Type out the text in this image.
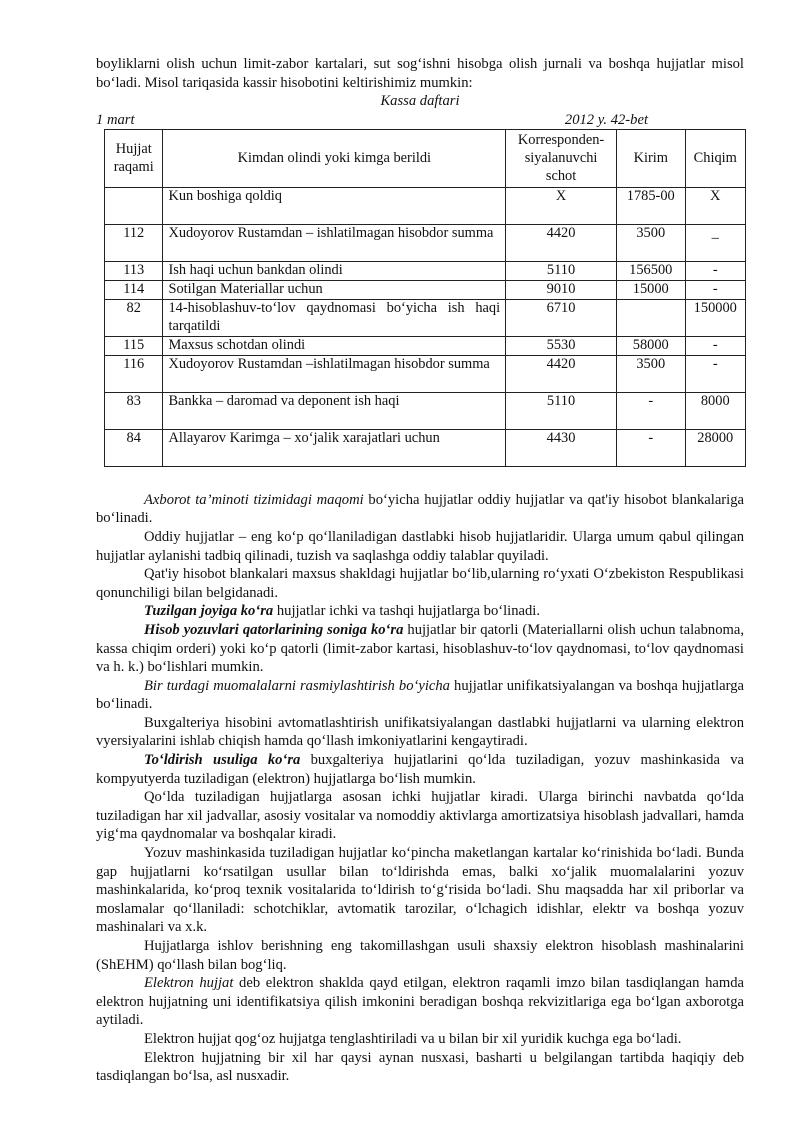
boyliklarni olish uchun limit-zabor kartalari, sut sog‘ishni hisobga olish jurnali va boshqa hujjatlar misol bo‘ladi. Misol tariqasida kassir hisobotini keltirishimiz mumkin:

Kassa daftari

1 mart	2012 y. 42-bet
Hujjat raqami	Kimdan olindi yoki kimga berildi	Korresponden-siyalanuvchi schot	Kirim	Chiqim
	Kun boshiga qoldiq	X	1785-00	X
112	Xudoyorov Rustamdan – ishlatilmagan hisobdor summa	4420	3500	_
113	Ish haqi uchun bankdan olindi	5110	156500	-
114	Sotilgan Materiallar uchun	9010	15000	-
82	14-hisoblashuv-to‘lov qaydnomasi bo‘yicha ish haqi tarqatildi	6710		150000
115	Maxsus schotdan olindi	5530	58000	-
116	Xudoyorov Rustamdan –ishlatilmagan hisobdor summa	4420	3500	-
83	Bankka – daromad va deponent ish haqi	5110	-	8000
84	Allayarov Karimga – xo‘jalik xarajatlari uchun	4430	-	28000

Axborot ta’minoti tizimidagi maqomi bo‘yicha hujjatlar oddiy hujjatlar va qat'iy hisobot blankalariga bo‘linadi.

Oddiy hujjatlar – eng ko‘p qo‘llaniladigan dastlabki hisob hujjatlaridir. Ularga umum qabul qilingan hujjatlar aylanishi tadbiq qilinadi, tuzish va saqlashga oddiy talablar quyiladi.

Qat'iy hisobot blankalari maxsus shakldagi hujjatlar bo‘lib,ularning ro‘yxati O‘zbekiston Respublikasi qonunchiligi bilan belgidanadi.

Tuzilgan joyiga ko‘ra hujjatlar ichki va tashqi hujjatlarga bo‘linadi.

Hisob yozuvlari qatorlarining soniga ko‘ra hujjatlar bir qatorli (Materiallarni olish uchun talabnoma, kassa chiqim orderi) yoki ko‘p qatorli (limit-zabor kartasi, hisoblashuv-to‘lov qaydnomasi, to‘lov qaydnomasi va h. k.) bo‘lishlari mumkin.

Bir turdagi muomalalarni rasmiylashtirish bo‘yicha hujjatlar unifikatsiyalangan va boshqa hujjatlarga bo‘linadi.

Buxgalteriya hisobini avtomatlashtirish unifikatsiyalangan dastlabki hujjatlarni va ularning elektron vyersiyalarini ishlab chiqish hamda qo‘llash imkoniyatlarini kengaytiradi.

To‘ldirish usuliga ko‘ra buxgalteriya hujjatlarini qo‘lda tuziladigan, yozuv mashinkasida va kompyutyerda tuziladigan (elektron) hujjatlarga bo‘lish mumkin.

Qo‘lda tuziladigan hujjatlarga asosan ichki hujjatlar kiradi. Ularga birinchi navbatda qo‘lda tuziladigan har xil jadvallar, asosiy vositalar va nomoddiy aktivlarga amortizatsiya hisoblash jadvallari, hamda yig‘ma qaydnomalar va boshqalar kiradi.

Yozuv mashinkasida tuziladigan hujjatlar ko‘pincha maketlangan kartalar ko‘rinishida bo‘ladi. Bunda gap hujjatlarni ko‘rsatilgan usullar bilan to‘ldirishda emas, balki xo‘jalik muomalalarini yozuv mashinkalarida, ko‘proq texnik vositalarida to‘ldirish to‘g‘risida bo‘ladi. Shu maqsadda har xil priborlar va moslamalar qo‘llaniladi: schotchiklar, avtomatik tarozilar, o‘lchagich idishlar, elektr va boshqa yozuv mashinalari va x.k.

Hujjatlarga ishlov berishning eng takomillashgan usuli shaxsiy elektron hisoblash mashinalarini (ShEHM) qo‘llash bilan bog‘liq.

Elektron hujjat deb elektron shaklda qayd etilgan, elektron raqamli imzo bilan tasdiqlangan hamda elektron hujjatning uni identifikatsiya qilish imkonini beradigan boshqa rekvizitlariga ega bo‘lgan axborotga aytiladi.

Elektron hujjat qog‘oz hujjatga tenglashtiriladi va u bilan bir xil yuridik kuchga ega bo‘ladi.

Elektron hujjatning bir xil har qaysi aynan nusxasi, basharti u belgilangan tartibda haqiqiy deb tasdiqlangan bo‘lsa, asl nusxadir.
